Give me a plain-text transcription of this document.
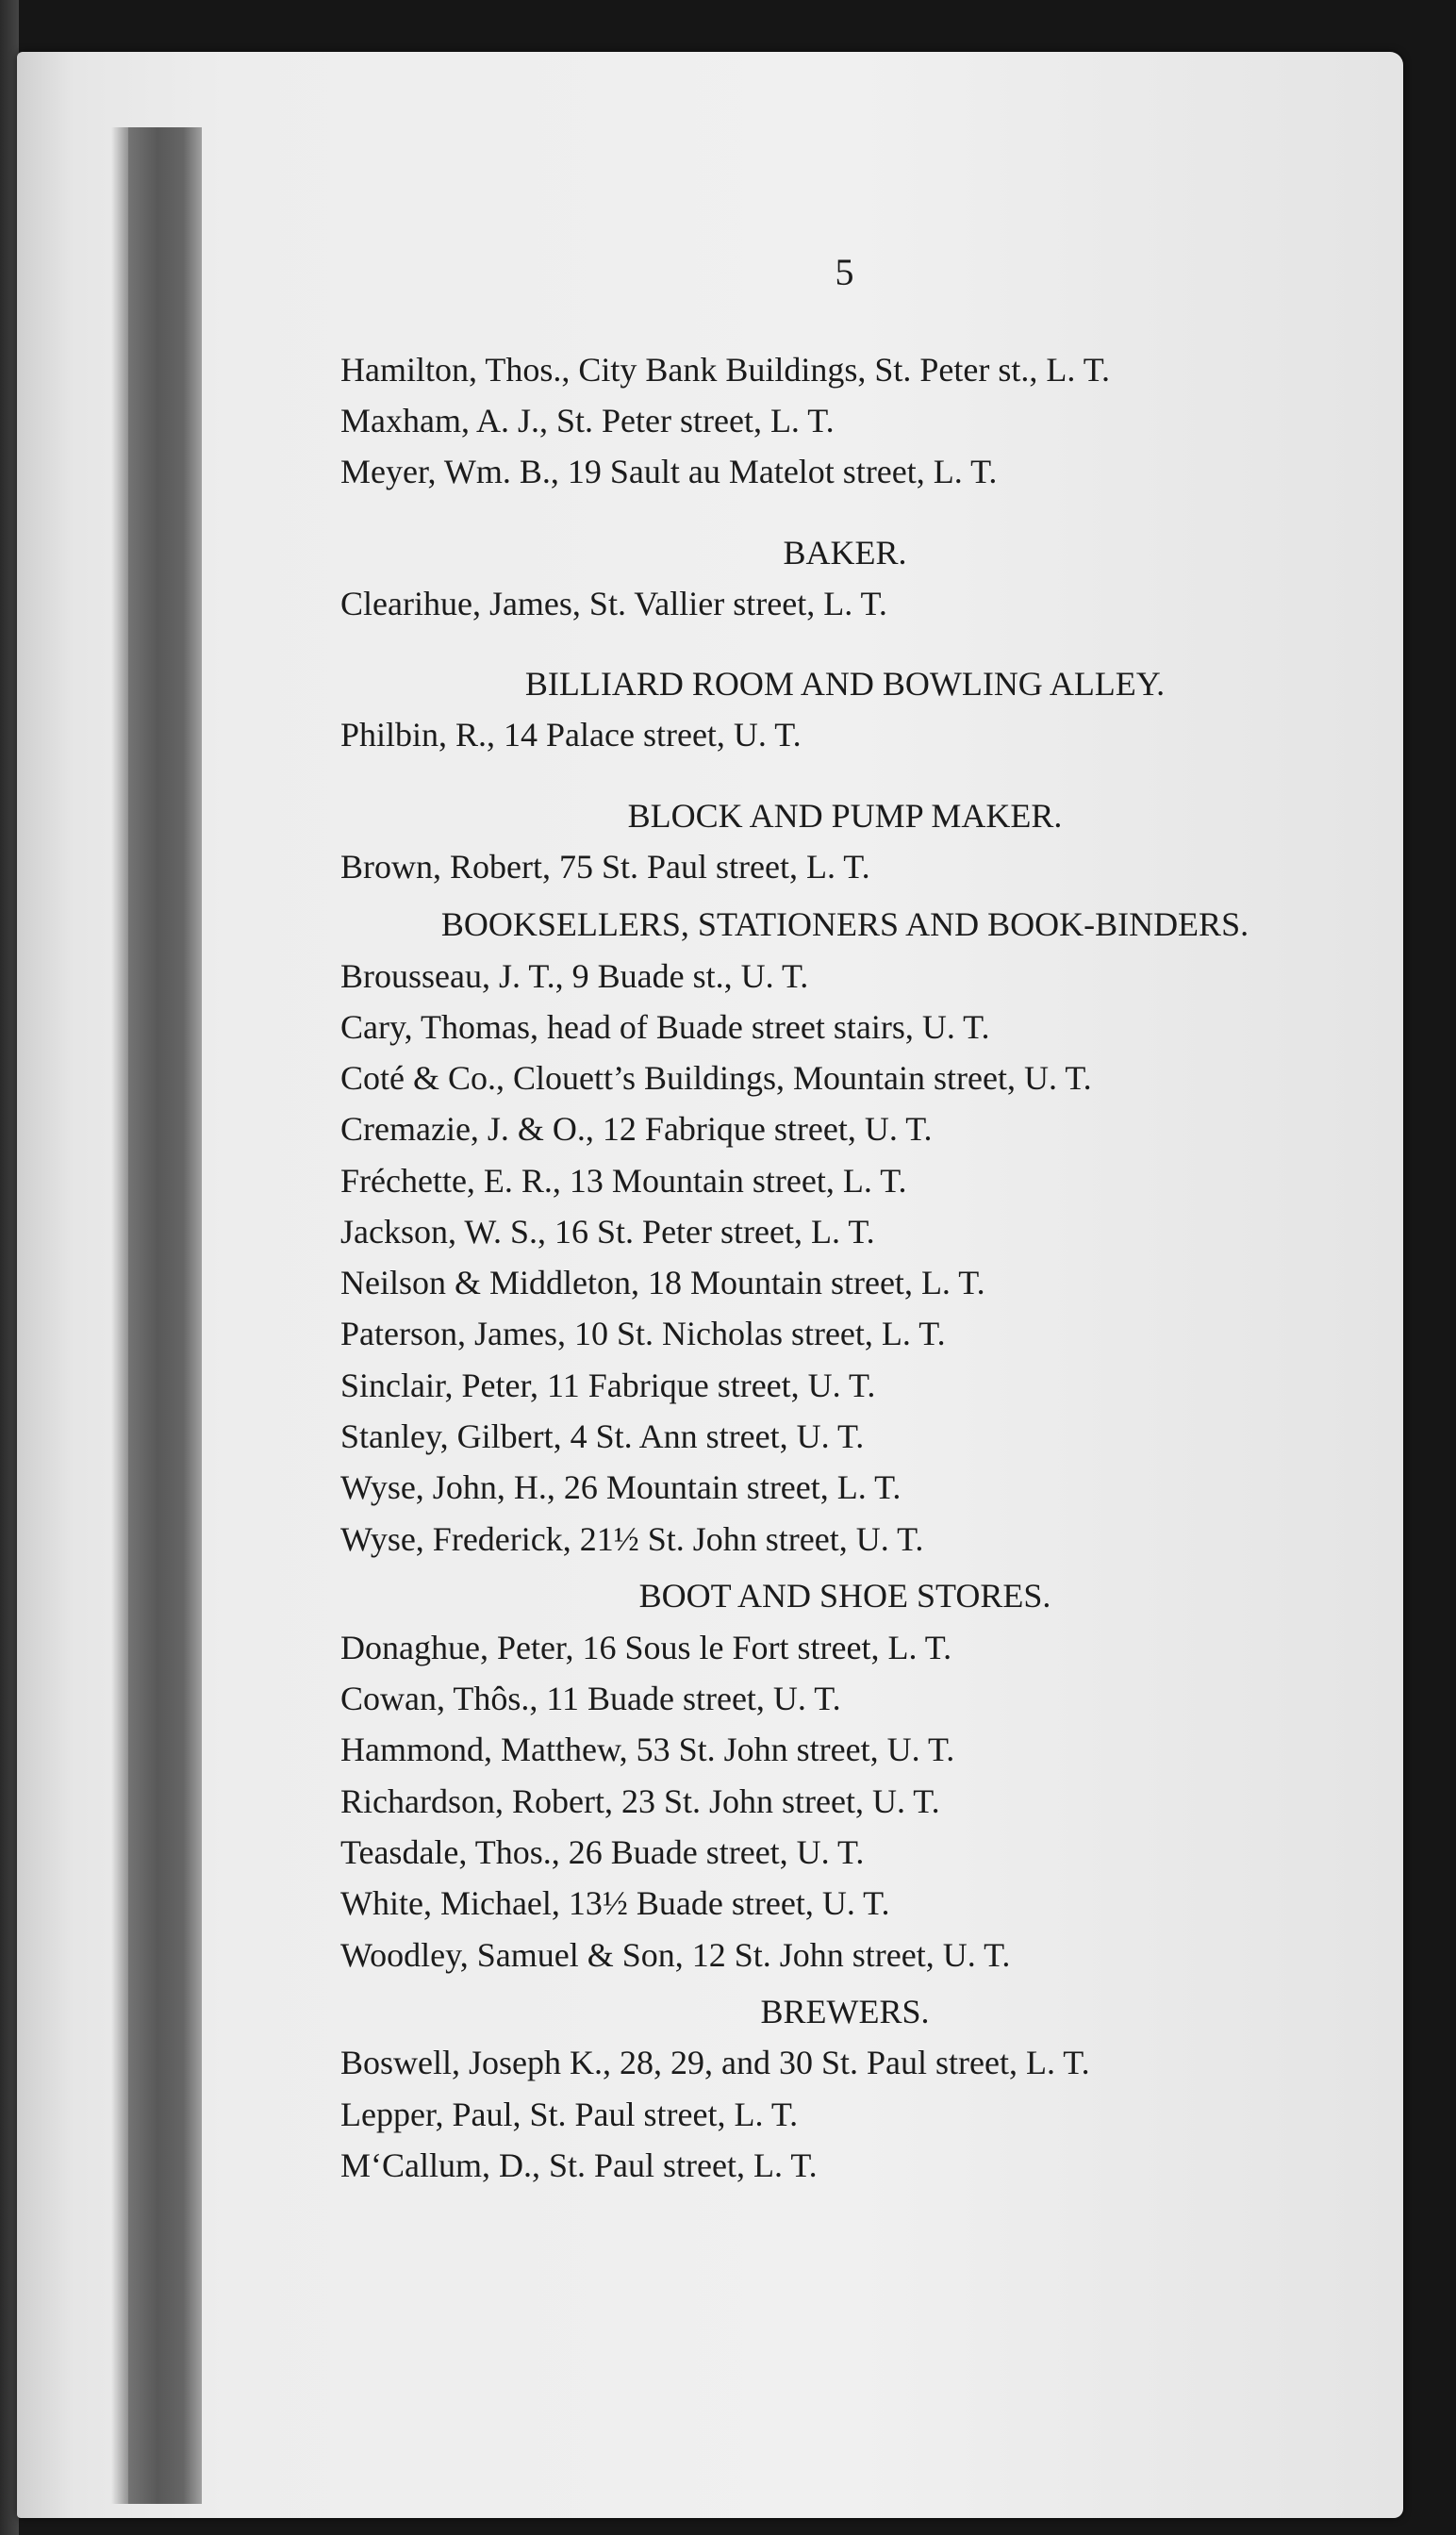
5
Hamilton, Thos., City Bank Buildings, St. Peter st., L. T.
Maxham, A. J., St. Peter street, L. T.
Meyer, Wm. B., 19 Sault au Matelot street, L. T.
BAKER.
Clearihue, James, St. Vallier street, L. T.
BILLIARD ROOM AND BOWLING ALLEY.
Philbin, R., 14 Palace street, U. T.
BLOCK AND PUMP MAKER.
Brown, Robert, 75 St. Paul street, L. T.
BOOKSELLERS, STATIONERS AND BOOK-BINDERS.
Brousseau, J. T., 9 Buade st., U. T.
Cary, Thomas, head of Buade street stairs, U. T.
Coté & Co., Clouett’s Buildings, Mountain street, U. T.
Cremazie, J. & O., 12 Fabrique street, U. T.
Fréchette, E. R., 13 Mountain street, L. T.
Jackson, W. S., 16 St. Peter street, L. T.
Neilson & Middleton, 18 Mountain street, L. T.
Paterson, James, 10 St. Nicholas street, L. T.
Sinclair, Peter, 11 Fabrique street, U. T.
Stanley, Gilbert, 4 St. Ann street, U. T.
Wyse, John, H., 26 Mountain street, L. T.
Wyse, Frederick, 21½ St. John street, U. T.
BOOT AND SHOE STORES.
Donaghue, Peter, 16 Sous le Fort street, L. T.
Cowan, Thôs., 11 Buade street, U. T.
Hammond, Matthew, 53 St. John street, U. T.
Richardson, Robert, 23 St. John street, U. T.
Teasdale, Thos., 26 Buade street, U. T.
White, Michael, 13½ Buade street, U. T.
Woodley, Samuel & Son, 12 St. John street, U. T.
BREWERS.
Boswell, Joseph K., 28, 29, and 30 St. Paul street, L. T.
Lepper, Paul, St. Paul street, L. T.
M‘Callum, D., St. Paul street, L. T.
